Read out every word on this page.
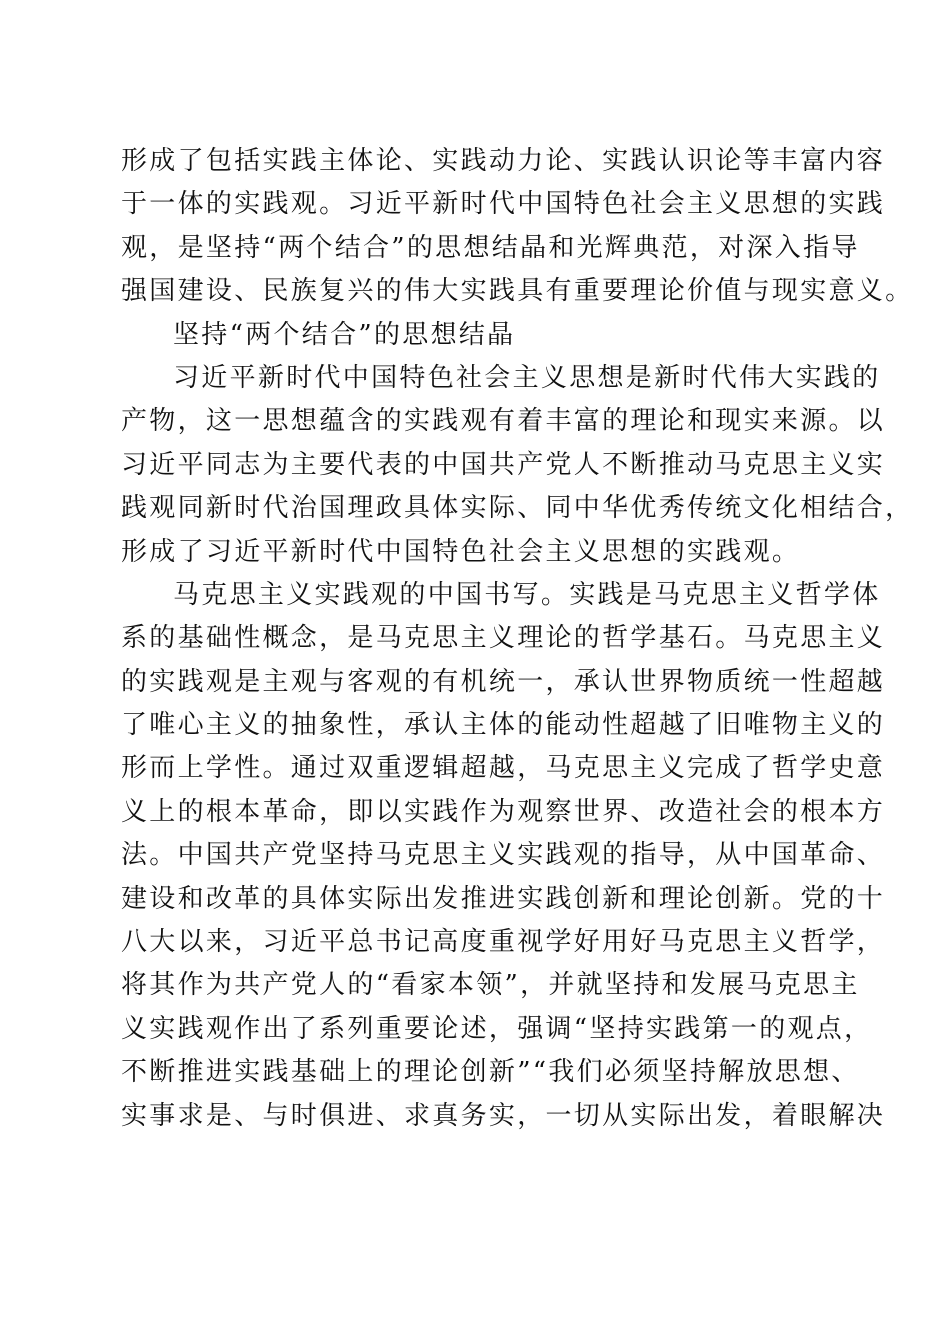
形成了包括实践主体论、实践动力论、实践认识论等丰富内容
于一体的实践观。习近平新时代中国特色社会主义思想的实践
观，是坚持“两个结合”的思想结晶和光辉典范，对深入指导
强国建设、民族复兴的伟大实践具有重要理论价值与现实意义。
坚持“两个结合”的思想结晶
习近平新时代中国特色社会主义思想是新时代伟大实践的
产物，这一思想蕴含的实践观有着丰富的理论和现实来源。以
习近平同志为主要代表的中国共产党人不断推动马克思主义实
践观同新时代治国理政具体实际、同中华优秀传统文化相结合，
形成了习近平新时代中国特色社会主义思想的实践观。
马克思主义实践观的中国书写。实践是马克思主义哲学体
系的基础性概念，是马克思主义理论的哲学基石。马克思主义
的实践观是主观与客观的有机统一，承认世界物质统一性超越
了唯心主义的抽象性，承认主体的能动性超越了旧唯物主义的
形而上学性。通过双重逻辑超越，马克思主义完成了哲学史意
义上的根本革命，即以实践作为观察世界、改造社会的根本方
法。中国共产党坚持马克思主义实践观的指导，从中国革命、
建设和改革的具体实际出发推进实践创新和理论创新。党的十
八大以来，习近平总书记高度重视学好用好马克思主义哲学，
将其作为共产党人的“看家本领”，并就坚持和发展马克思主
义实践观作出了系列重要论述，强调“坚持实践第一的观点，
不断推进实践基础上的理论创新”“我们必须坚持解放思想、
实事求是、与时俱进、求真务实，一切从实际出发，着眼解决
